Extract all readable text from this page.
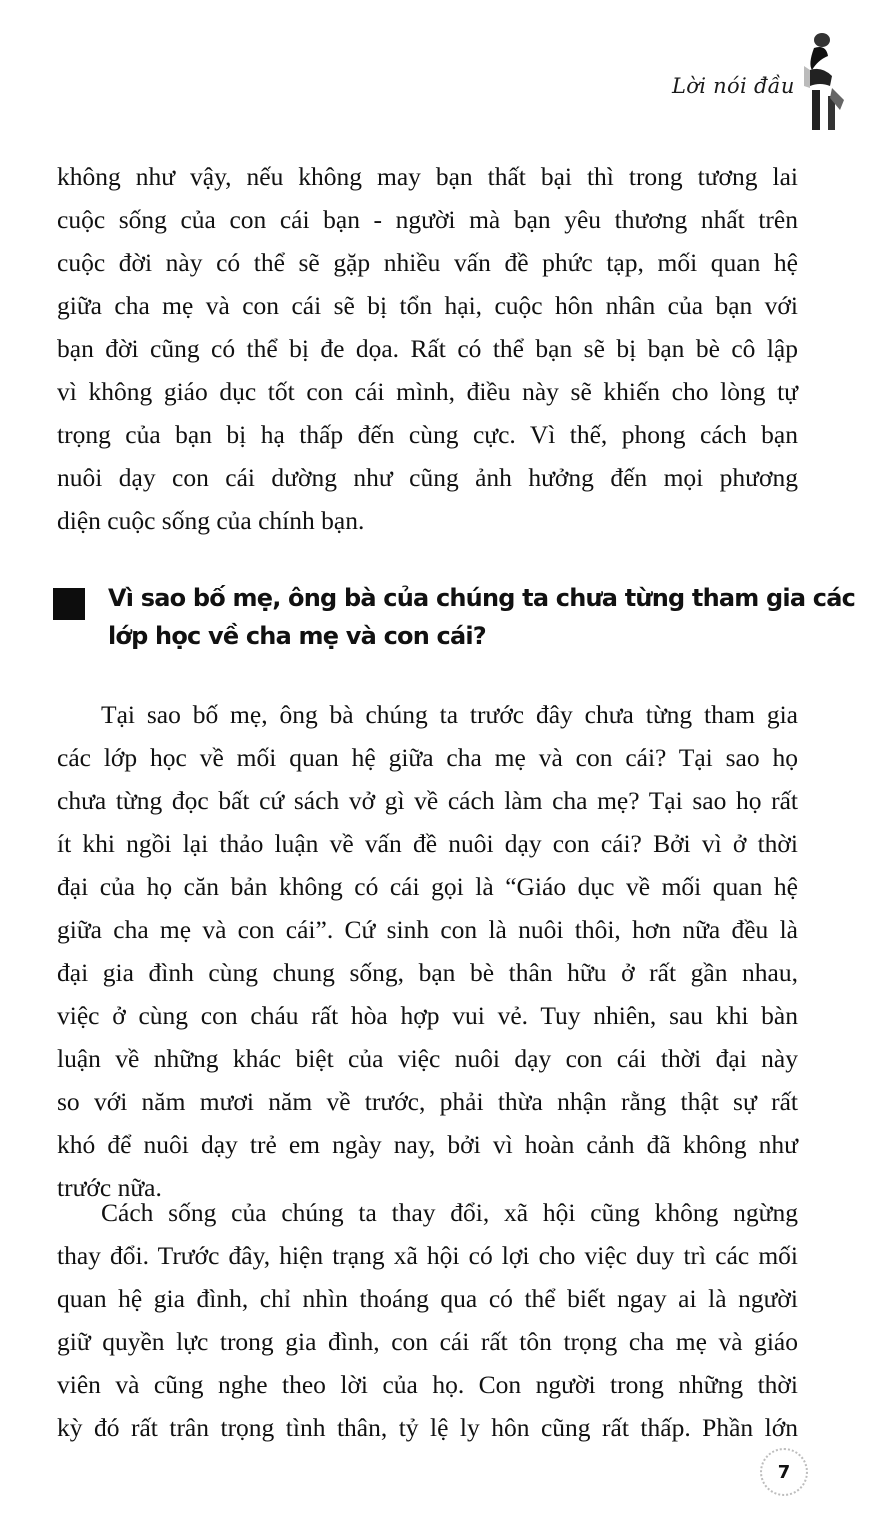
Lời nói đầu
không như vậy, nếu không may bạn thất bại thì trong tương lai
cuộc sống của con cái bạn - người mà bạn yêu thương nhất trên
cuộc đời này có thể sẽ gặp nhiều vấn đề phức tạp, mối quan hệ
giữa cha mẹ và con cái sẽ bị tổn hại, cuộc hôn nhân của bạn với
bạn đời cũng có thể bị đe dọa. Rất có thể bạn sẽ bị bạn bè cô lập
vì không giáo dục tốt con cái mình, điều này sẽ khiến cho lòng tự
trọng của bạn bị hạ thấp đến cùng cực. Vì thế, phong cách bạn
nuôi dạy con cái dường như cũng ảnh hưởng đến mọi phương
diện cuộc sống của chính bạn.
Vì sao bố mẹ, ông bà của chúng ta chưa từng tham gia các
lớp học về cha mẹ và con cái?
Tại sao bố mẹ, ông bà chúng ta trước đây chưa từng tham gia
các lớp học về mối quan hệ giữa cha mẹ và con cái? Tại sao họ
chưa từng đọc bất cứ sách vở gì về cách làm cha mẹ? Tại sao họ rất
ít khi ngồi lại thảo luận về vấn đề nuôi dạy con cái? Bởi vì ở thời
đại của họ căn bản không có cái gọi là “Giáo dục về mối quan hệ
giữa cha mẹ và con cái”. Cứ sinh con là nuôi thôi, hơn nữa đều là
đại gia đình cùng chung sống, bạn bè thân hữu ở rất gần nhau,
việc ở cùng con cháu rất hòa hợp vui vẻ. Tuy nhiên, sau khi bàn
luận về những khác biệt của việc nuôi dạy con cái thời đại này
so với năm mươi năm về trước, phải thừa nhận rằng thật sự rất
khó để nuôi dạy trẻ em ngày nay, bởi vì hoàn cảnh đã không như
trước nữa.
Cách sống của chúng ta thay đổi, xã hội cũng không ngừng
thay đổi. Trước đây, hiện trạng xã hội có lợi cho việc duy trì các mối
quan hệ gia đình, chỉ nhìn thoáng qua có thể biết ngay ai là người
giữ quyền lực trong gia đình, con cái rất tôn trọng cha mẹ và giáo
viên và cũng nghe theo lời của họ. Con người trong những thời
kỳ đó rất trân trọng tình thân, tỷ lệ ly hôn cũng rất thấp. Phần lớn
7
